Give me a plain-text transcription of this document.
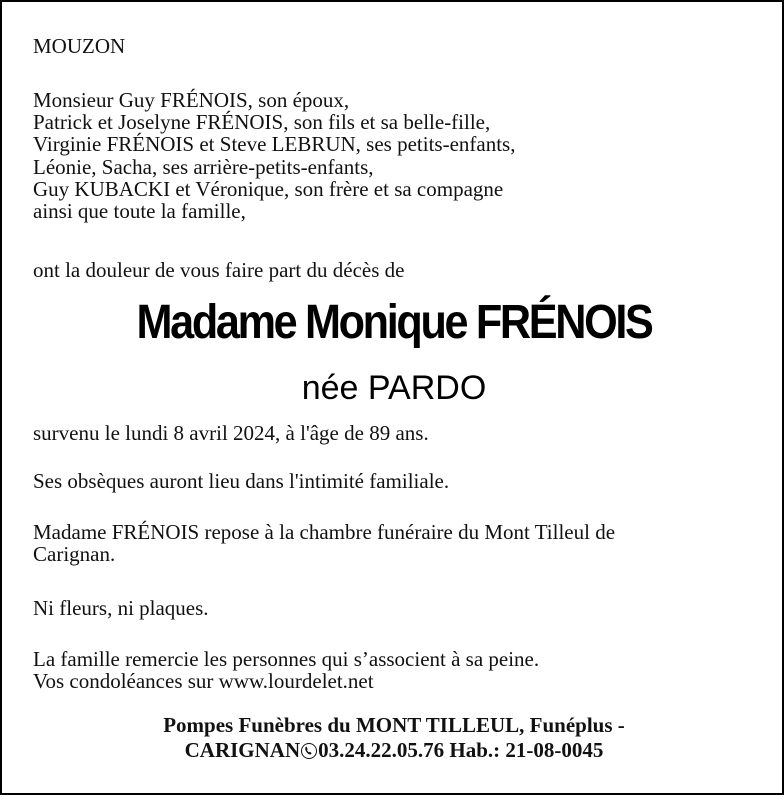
MOUZON
Monsieur Guy FRÉNOIS, son époux,
Patrick et Joselyne FRÉNOIS, son fils et sa belle-fille,
Virginie FRÉNOIS et Steve LEBRUN, ses petits-enfants,
Léonie, Sacha, ses arrière-petits-enfants,
Guy KUBACKI et Véronique, son frère et sa compagne
ainsi que toute la famille,
ont la douleur de vous faire part du décès de
Madame Monique FRÉNOIS
née PARDO
survenu le lundi 8 avril 2024, à l'âge de 89 ans.
Ses obsèques auront lieu dans l'intimité familiale.
Madame FRÉNOIS repose à la chambre funéraire du Mont Tilleul de
Carignan.
Ni fleurs, ni plaques.
La famille remercie les personnes qui s’associent à sa peine.
Vos condoléances sur www.lourdelet.net
Pompes Funèbres du MONT TILLEUL, Funéplus -
CARIGNAN 03.24.22.05.76 Hab.: 21-08-0045
